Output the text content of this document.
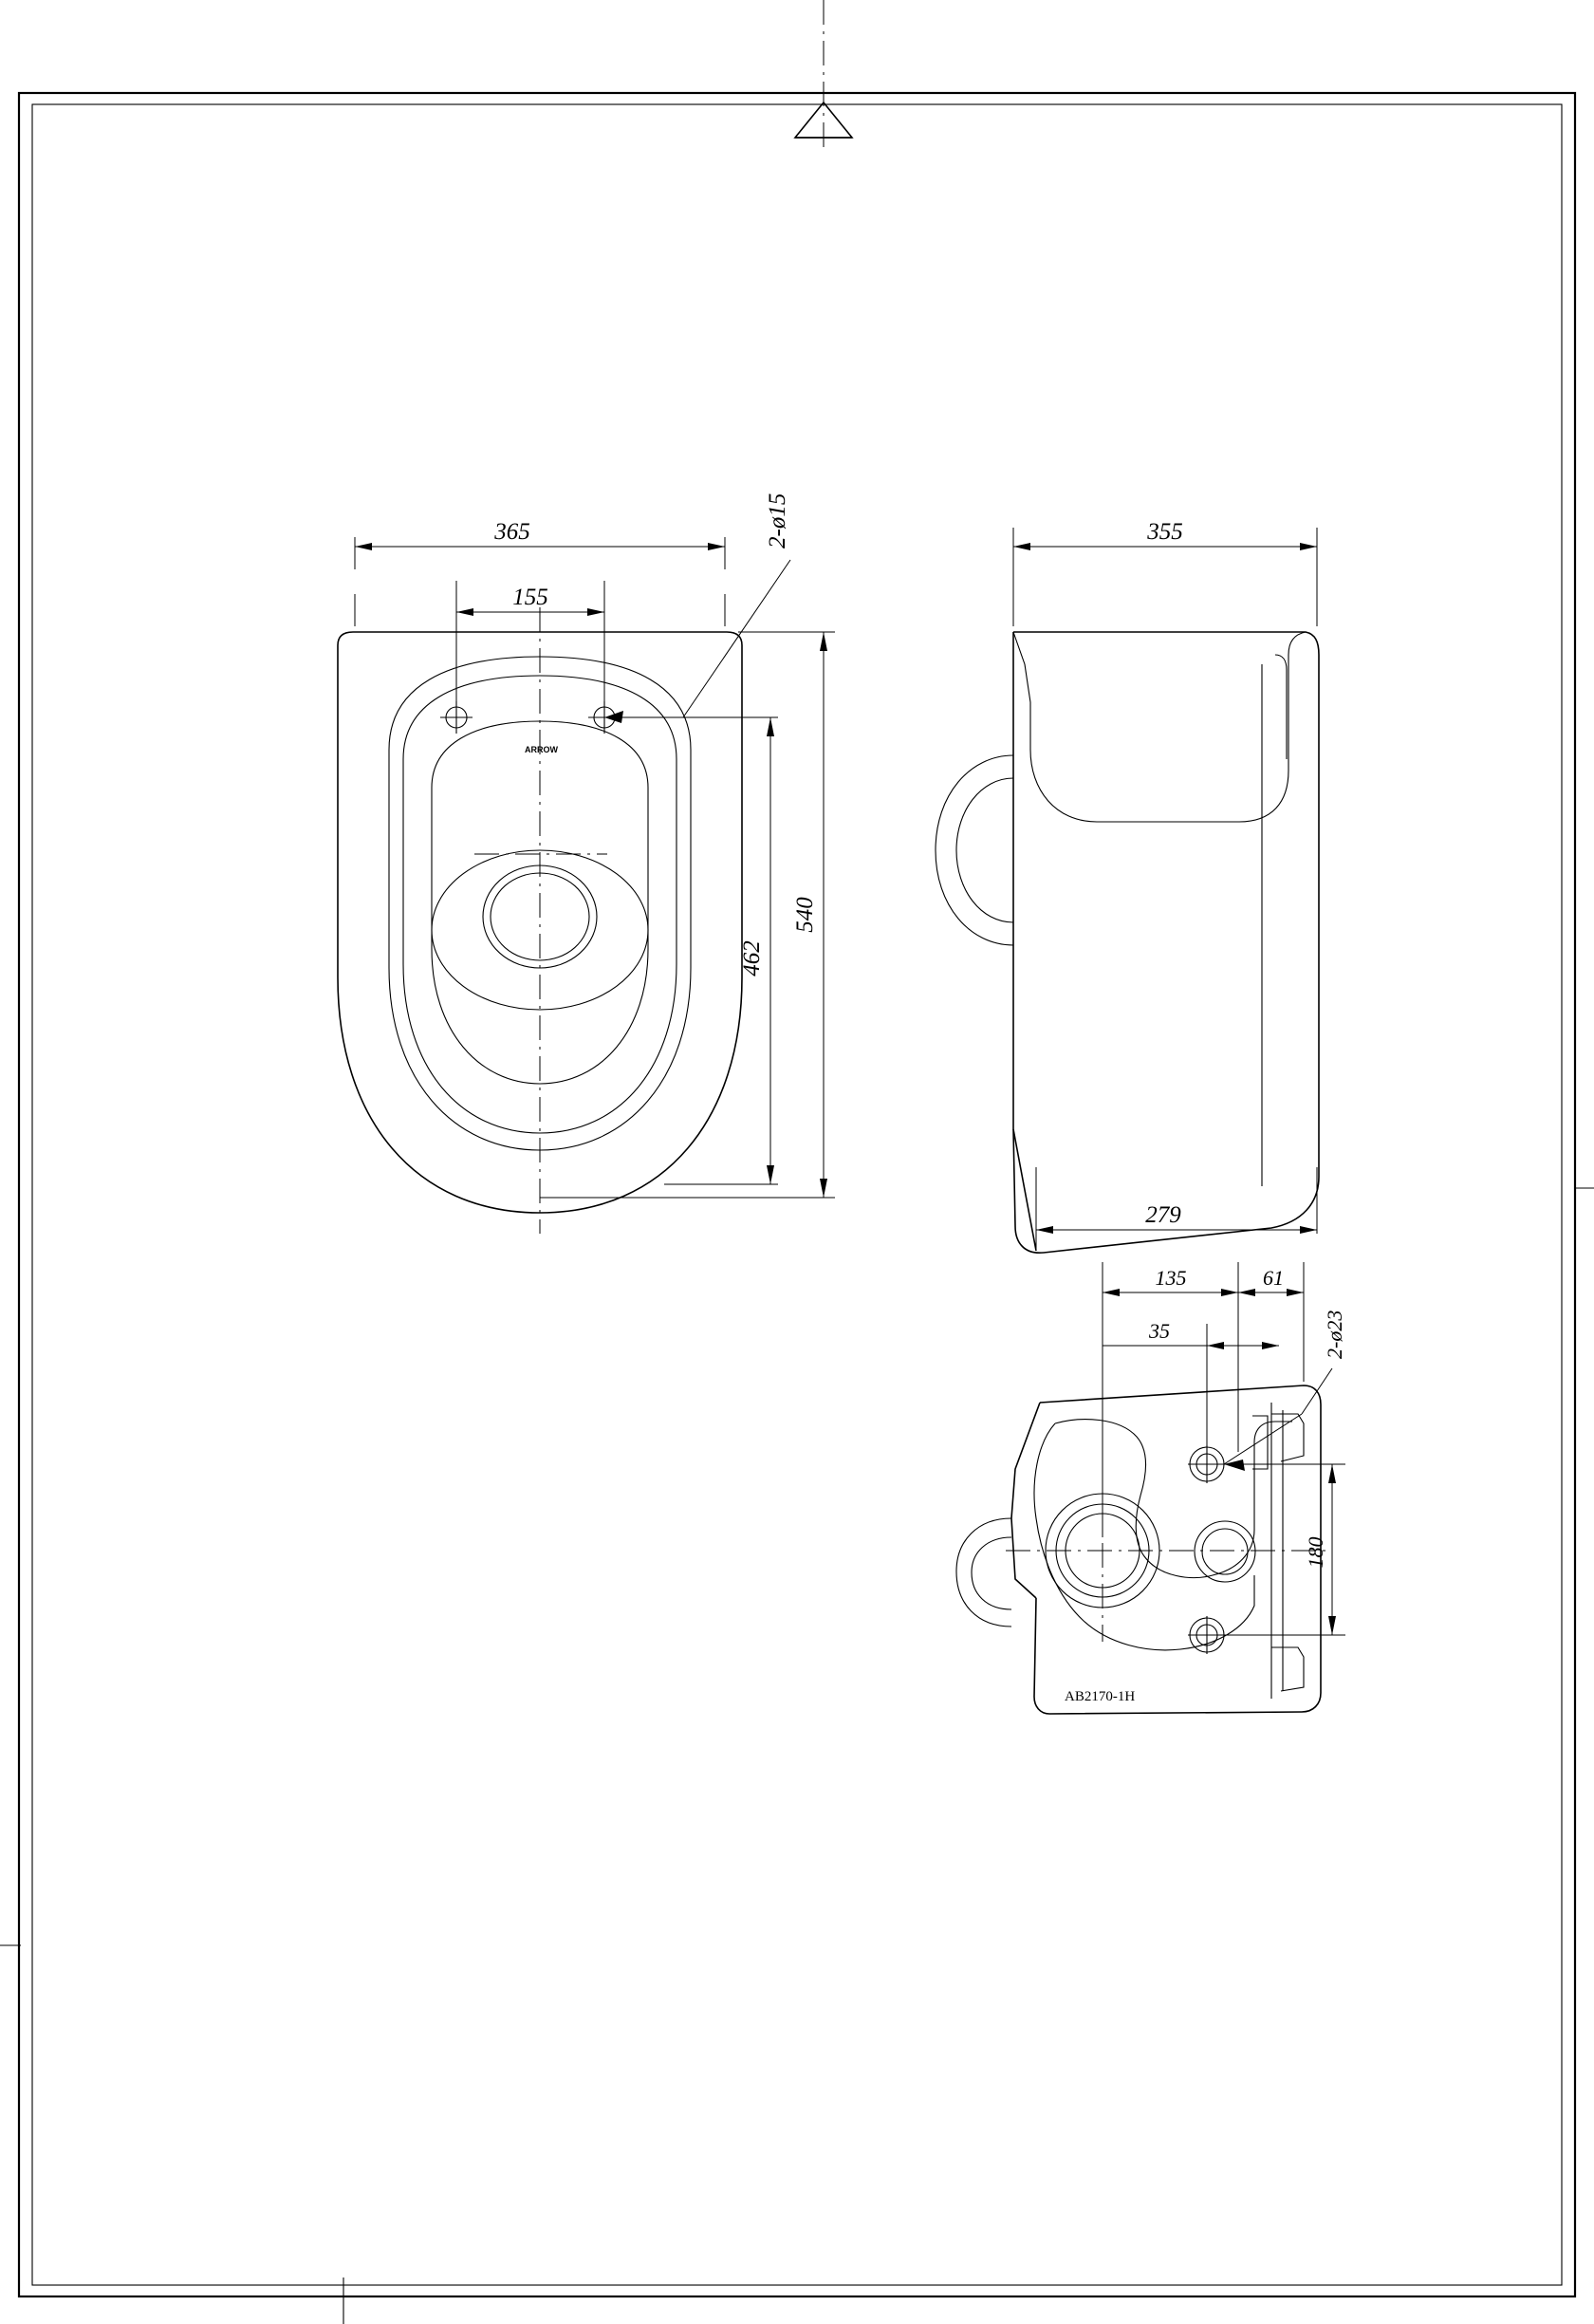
ARROW
365
155
2-ø15
540
462
355
279
AB2170-1H
135	61
35	2-ø23
180
